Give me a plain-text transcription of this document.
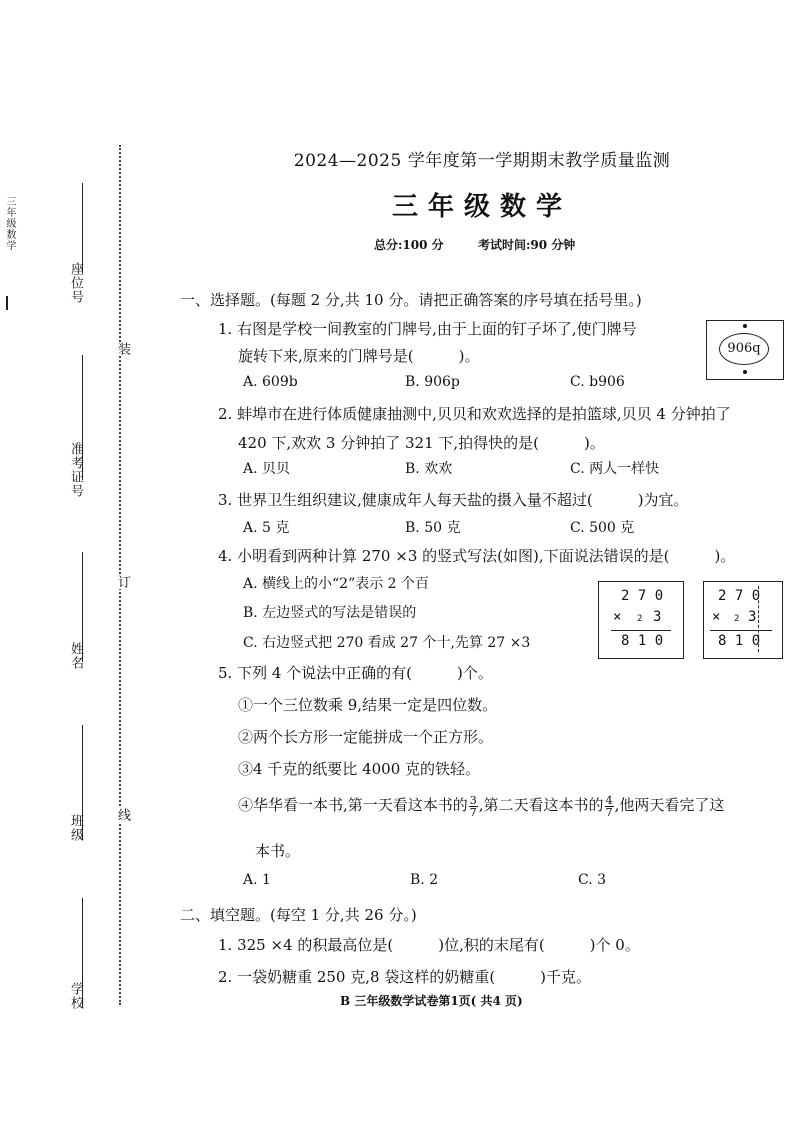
三年级数学
座位号
准考证号
姓名
班级
学校
装
订
线
2024—2025 学年度第一学期期末教学质量监测
三年级数学
总分:100 分	考试时间:90 分钟
一、选择题。(每题 2 分,共 10 分。请把正确答案的序号填在括号里。)
1. 右图是学校一间教室的门牌号,由于上面的钉子坏了,使门牌号
旋转下来,原来的门牌号是(　　　)。
A. 609b	B. 906p	C. b906
906q
2. 蚌埠市在进行体质健康抽测中,贝贝和欢欢选择的是拍篮球,贝贝 4 分钟拍了
420 下,欢欢 3 分钟拍了 321 下,拍得快的是(　　　)。
A. 贝贝	B. 欢欢	C. 两人一样快
3. 世界卫生组织建议,健康成年人每天盐的摄入量不超过(　　　)为宜。
A. 5 克	B. 50 克	C. 500 克
4. 小明看到两种计算 270 ×3 的竖式写法(如图),下面说法错误的是(　　　)。
A. 横线上的小“2”表示 2 个百
B. 左边竖式的写法是错误的
C. 右边竖式把 270 看成 27 个十,先算 27 ×3
2 7 0
× 2 3
8 1 0
2 7 0
× 2 3
8 1 0
5. 下列 4 个说法中正确的有(　　　)个。
①一个三位数乘 9,结果一定是四位数。
②两个长方形一定能拼成一个正方形。
③4 千克的纸要比 4000 克的铁轻。
④华华看一本书,第一天看这本书的 $\frac{3}{7}$ ,第二天看这本书的 $\frac{4}{7}$ ,他两天看完了这
本书。
A. 1	B. 2	C. 3
二、填空题。(每空 1 分,共 26 分。)
1. 325 ×4 的积最高位是(　　　)位,积的末尾有(　　　)个 0。
2. 一袋奶糖重 250 克,8 袋这样的奶糖重(　　　)千克。
B 三年级数学试卷第1页( 共4 页)
